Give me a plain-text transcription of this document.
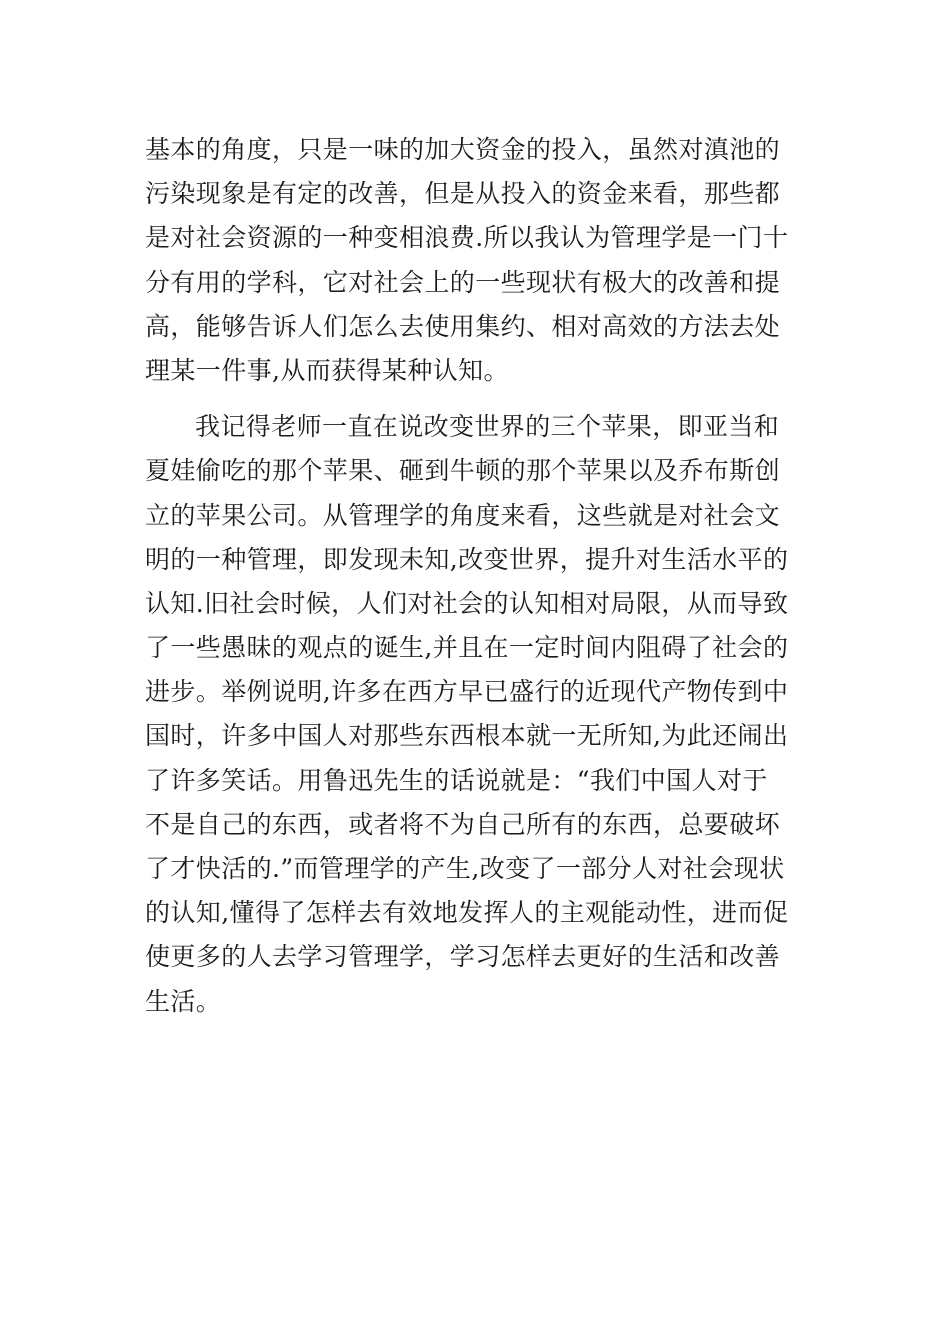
基本的角度，只是一味的加大资金的投入，虽然对滇池的
污染现象是有定的改善，但是从投入的资金来看，那些都
是对社会资源的一种变相浪费.所以我认为管理学是一门十
分有用的学科，它对社会上的一些现状有极大的改善和提
高，能够告诉人们怎么去使用集约、相对高效的方法去处
理某一件事,从而获得某种认知。
我记得老师一直在说改变世界的三个苹果，即亚当和
夏娃偷吃的那个苹果、砸到牛顿的那个苹果以及乔布斯创
立的苹果公司。从管理学的角度来看，这些就是对社会文
明的一种管理，即发现未知,改变世界，提升对生活水平的
认知.旧社会时候，人们对社会的认知相对局限，从而导致
了一些愚昧的观点的诞生,并且在一定时间内阻碍了社会的
进步。举例说明,许多在西方早已盛行的近现代产物传到中
国时，许多中国人对那些东西根本就一无所知,为此还闹出
了许多笑话。用鲁迅先生的话说就是：“我们中国人对于
不是自己的东西，或者将不为自己所有的东西，总要破坏
了才快活的.”而管理学的产生,改变了一部分人对社会现状
的认知,懂得了怎样去有效地发挥人的主观能动性，进而促
使更多的人去学习管理学，学习怎样去更好的生活和改善
生活。
